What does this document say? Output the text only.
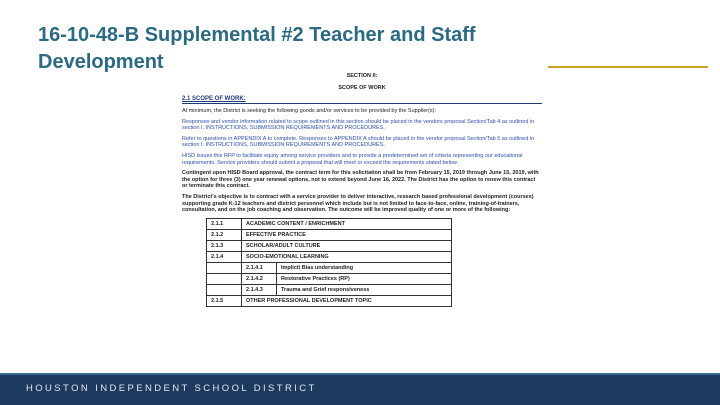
16-10-48-B Supplemental #2 Teacher and Staff Development
SECTION II:
SCOPE OF WORK
2.1 SCOPE OF WORK:

At minimum, the District is seeking the following goods and/or services to be provided by the Supplier(s):

Responses and vendor information related to scope outlined in this section should be placed in the vendors proposal Section/Tab 4 as outlined in section I. INSTRUCTIONS, SUBMISSION REQUIREMENTS AND PROCEDURES.

Refer to questions in APPENDIX A to complete. Responses to APPENDIX A should be placed in the vendor proposal Section/Tab 5 as outlined in section I. INSTRUCTIONS, SUBMISSION REQUIREMENTS AND PROCEDURES.

HISD issues this RFP to facilitate equity among service providers and to provide a predetermined set of criteria representing our educational requirements. Service providers should submit a proposal that will meet or exceed the requirements stated below.

Contingent upon HISD Board approval, the contract term for this solicitation shall be from February 15, 2019 through June 15, 2019, with the option for three (3) one year renewal options, not to extend beyond June 16, 2022. The District has the option to renew this contract or terminate this contract.

The District's objective is to contract with a service provider to deliver interactive, research based professional development (courses) supporting grade K-12 teachers and district personnel which include but is not limited to face-to-face, online, training-of-trainers, consultation, and on the job coaching and observation. The outcome will be improved quality of one or more of the following:

2.1.1	ACADEMIC CONTENT / ENRICHMENT	
2.1.2	EFFECTIVE PRACTICE	
2.1.3	SCHOLAR/ADULT CULTURE	
2.1.4	SOCIO-EMOTIONAL LEARNING	
	2.1.4.1	Implicit Bias understanding
	2.1.4.2	Restorative Practices (RP)
	2.1.4.3	Trauma and Grief responsiveness
2.1.5	OTHER PROFESSIONAL DEVELOPMENT TOPIC	
HOUSTON INDEPENDENT SCHOOL DISTRICT
